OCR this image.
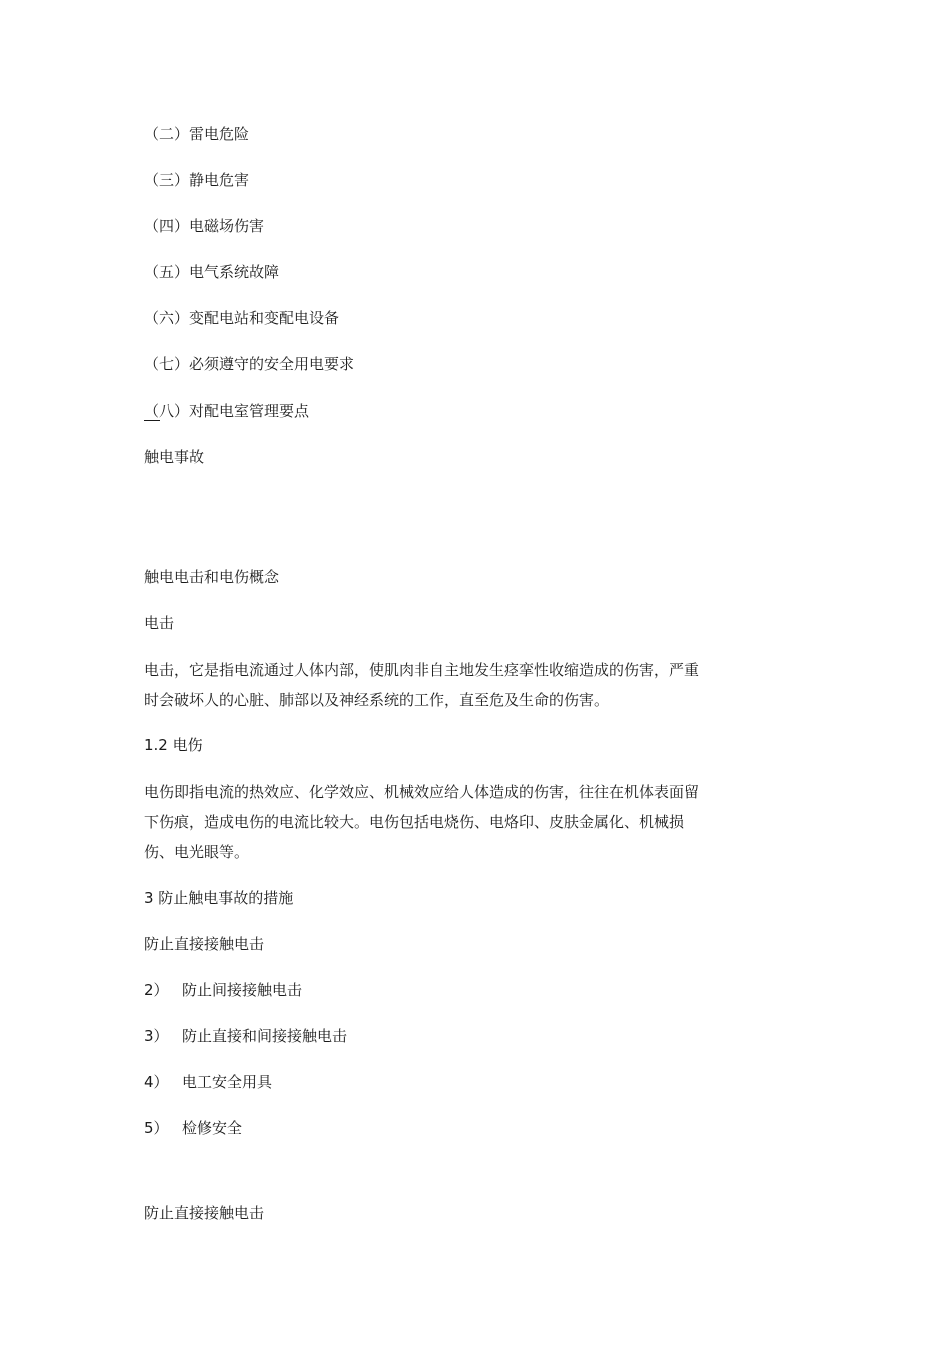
（二）雷电危险
（三）静电危害
（四）电磁场伤害
（五）电气系统故障
（六）变配电站和变配电设备
（七）必须遵守的安全用电要求
（八）对配电室管理要点
触电事故
触电电击和电伤概念
电击
电击，它是指电流通过人体内部，使肌肉非自主地发生痉挛性收缩造成的伤害，严重
时会破坏人的心脏、肺部以及神经系统的工作，直至危及生命的伤害。
1.2 电伤
电伤即指电流的热效应、化学效应、机械效应给人体造成的伤害，往往在机体表面留
下伤痕，造成电伤的电流比较大。电伤包括电烧伤、电烙印、皮肤金属化、机械损
伤、电光眼等。
3 防止触电事故的措施
防止直接接触电击
2） 防止间接接触电击
3） 防止直接和间接接触电击
4） 电工安全用具
5） 检修安全
防止直接接触电击
